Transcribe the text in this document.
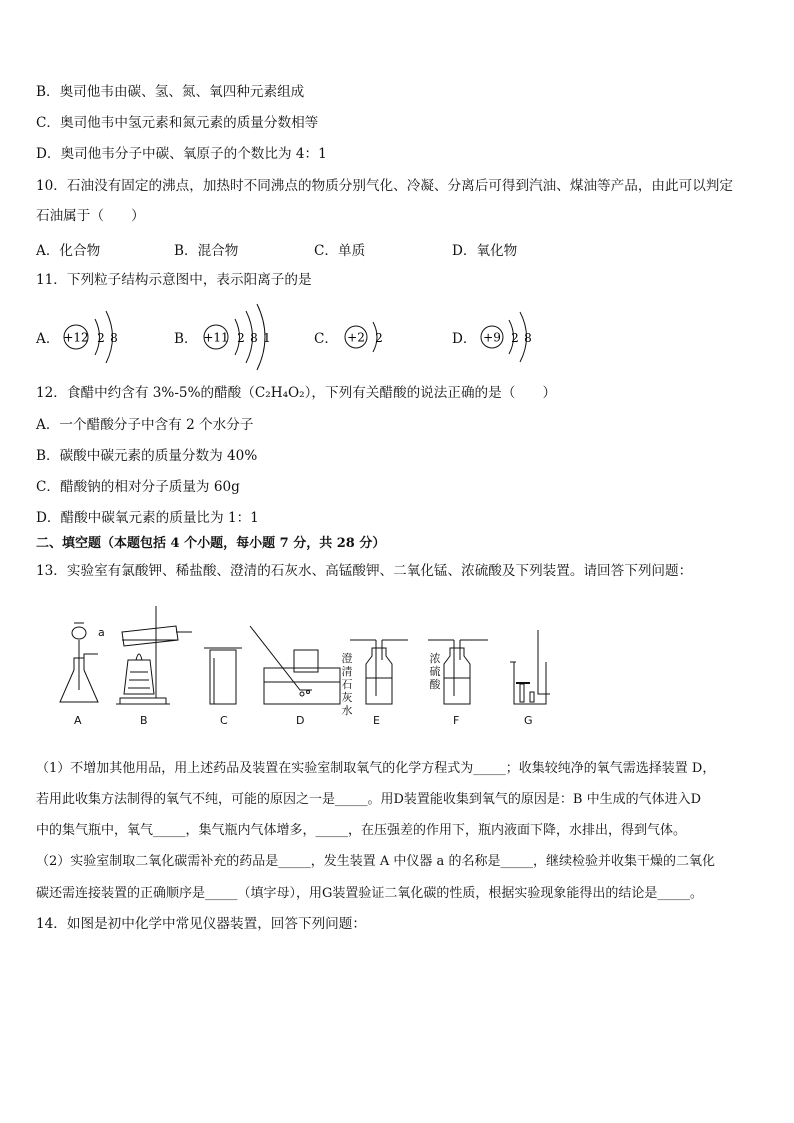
B．奥司他韦由碳、氢、氮、氧四种元素组成
C．奥司他韦中氢元素和氮元素的质量分数相等
D．奥司他韦分子中碳、氧原子的个数比为 4：1
10．石油没有固定的沸点，加热时不同沸点的物质分别气化、冷凝、分离后可得到汽油、煤油等产品，由此可以判定
石油属于（　　）
A．化合物	B．混合物	C．单质	D．氧化物
11．下列粒子结构示意图中，表示阳离子的是
A． +12 2 8	B． +11 2 8 1	C． +2 2	D． +9 2 8
12．食醋中约含有 3%-5%的醋酸（C₂H₄O₂），下列有关醋酸的说法正确的是（　　）
A．一个醋酸分子中含有 2 个水分子
B．碳酸中碳元素的质量分数为 40%
C．醋酸钠的相对分子质量为 60g
D．醋酸中碳氧元素的质量比为 1：1
二、填空题（本题包括 4 个小题，每小题 7 分，共 28 分）
13．实验室有氯酸钾、稀盐酸、澄清的石灰水、高锰酸钾、二氧化锰、浓硫酸及下列装置。请回答下列问题：
a
澄清石灰水
浓硫酸
A	B	C	D	E	F	G
（1）不增加其他用品，用上述药品及装置在实验室制取氧气的化学方程式为_____；收集较纯净的氧气需选择装置 D，
若用此收集方法制得的氧气不纯，可能的原因之一是_____。用D装置能收集到氧气的原因是：B 中生成的气体进入D
中的集气瓶中，氧气_____，集气瓶内气体增多，_____，在压强差的作用下，瓶内液面下降，水排出，得到气体。
（2）实验室制取二氧化碳需补充的药品是_____，发生装置 A 中仪器 a 的名称是_____，继续检验并收集干燥的二氧化
碳还需连接装置的正确顺序是_____（填字母），用G装置验证二氧化碳的性质，根据实验现象能得出的结论是_____。
14．如图是初中化学中常见仪器装置，回答下列问题：
